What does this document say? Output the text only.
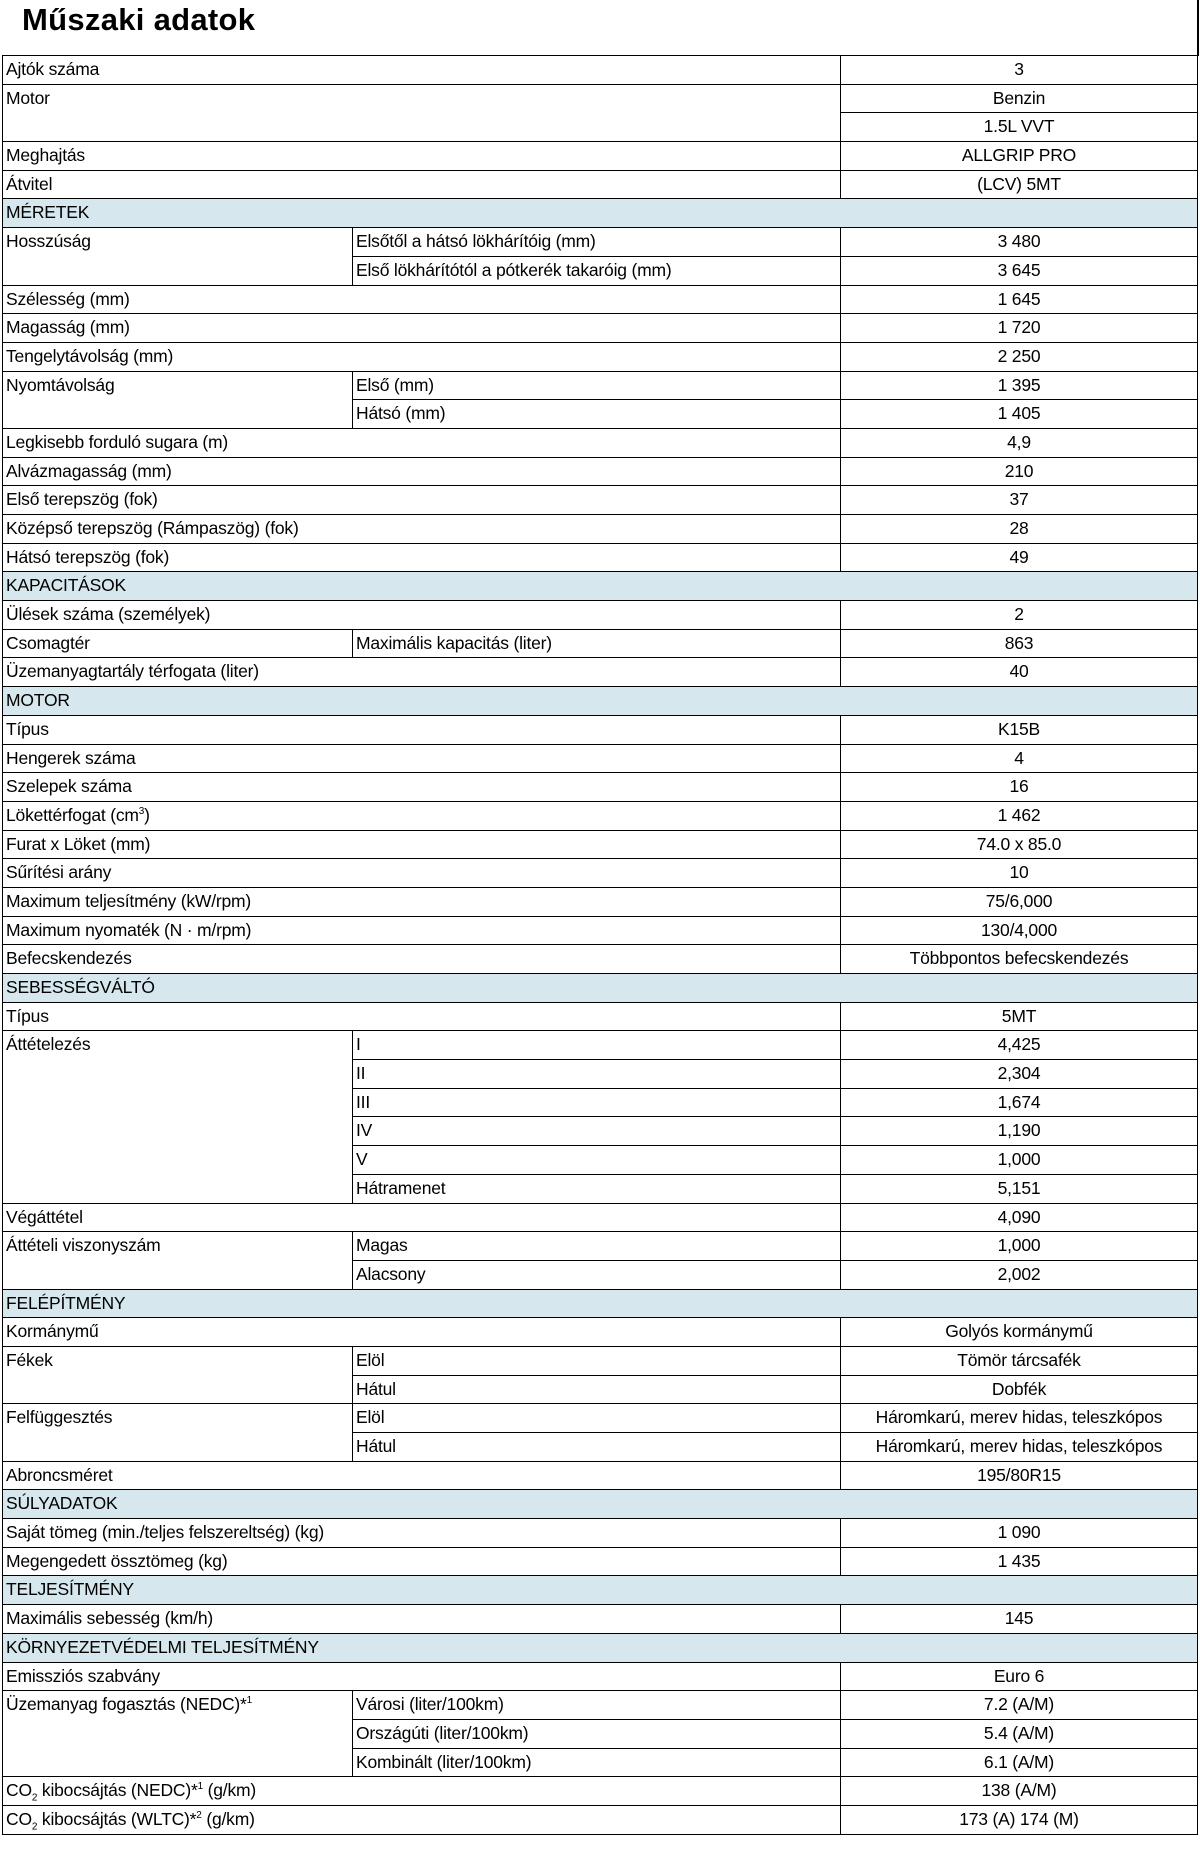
Műszaki adatok
Ajtók száma		3
Motor		Benzin
		1.5L VVT
Meghajtás		ALLGRIP PRO
Átvitel		(LCV) 5MT
MÉRETEK		
Hosszúság	Elsőtől a hátsó lökhárítóig (mm)	3 480
	Első lökhárítótól a pótkerék takaróig (mm)	3 645
Szélesség (mm)		1 645
Magasság (mm)		1 720
Tengelytávolság (mm)		2 250
Nyomtávolság	Első (mm)	1 395
	Hátsó (mm)	1 405
Legkisebb forduló sugara (m)		4,9
Alvázmagasság (mm)		210
Első terepszög (fok)		37
Középső terepszög (Rámpaszög) (fok)		28
Hátsó terepszög (fok)		49
KAPACITÁSOK		
Ülések száma (személyek)		2
Csomagtér	Maximális kapacitás (liter)	863
Üzemanyagtartály térfogata (liter)		40
MOTOR		
Típus		K15B
Hengerek száma		4
Szelepek száma		16
Lökettérfogat $(cm^3)$		1 462
Furat x Löket (mm)		74.0 x 85.0
Sűrítési arány		10
Maximum teljesítmény (kW/rpm)		75/6,000
Maximum nyomaték (N · m/rpm)		130/4,000
Befecskendezés		Többpontos befecskendezés
SEBESSÉGVÁLTÓ		
Típus		5MT
Áttételezés	I	4,425
	II	2,304
	III	1,674
	IV	1,190
	V	1,000
	Hátramenet	5,151
Végáttétel		4,090
Áttételi viszonyszám	Magas	1,000
	Alacsony	2,002
FELÉPÍTMÉNY		
Kormánymű		Golyós kormánymű
Fékek	Elöl	Tömör tárcsafék
	Hátul	Dobfék
Felfüggesztés	Elöl	Háromkarú, merev hidas, teleszkópos
	Hátul	Háromkarú, merev hidas, teleszkópos
Abroncsméret		195/80R15
SÚLYADATOK		
Saját tömeg (min./teljes felszereltség) (kg)		1 090
Megengedett össztömeg (kg)		1 435
TELJESÍTMÉNY		
Maximális sebesség (km/h)		145
KÖRNYEZETVÉDELMI TELJESÍTMÉNY		
Emissziós szabvány		Euro 6
Üzemanyag fogasztás (NEDC)*$^1$	Városi (liter/100km)	7.2 (A/M)
	Országúti (liter/100km)	5.4 (A/M)
	Kombinált (liter/100km)	6.1 (A/M)
$CO_2$ kibocsájtás (NEDC)*$^1$ (g/km)		138 (A/M)
$CO_2$ kibocsájtás (WLTC)*$^2$ (g/km)		173 (A) 174 (M)
